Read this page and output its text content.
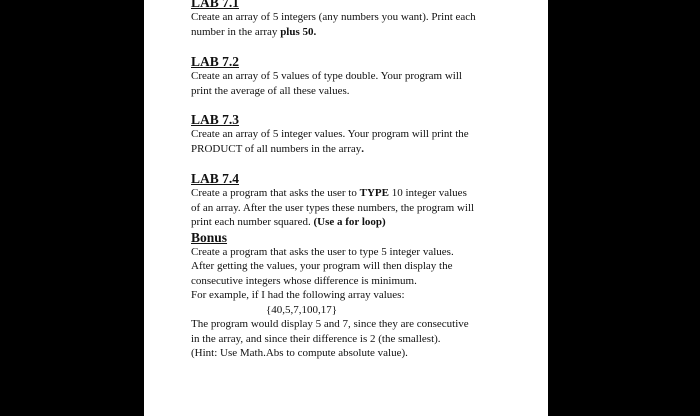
LAB 7.1

Create an array of 5 integers (any numbers you want). Print each
number in the array plus 50.

LAB 7.2

Create an array of 5 values of type double. Your program will
print the average of all these values.

LAB 7.3

Create an array of 5 integer values. Your program will print the
PRODUCT of all numbers in the array.

LAB 7.4

Create a program that asks the user to TYPE 10 integer values
of an array. After the user types these numbers, the program will
print each number squared. (Use a for loop)

Bonus

Create a program that asks the user to type 5 integer values.
After getting the values, your program will then display the
consecutive integers whose difference is minimum.
For example, if I had the following array values:
{40,5,7,100,17}
The program would display 5 and 7, since they are consecutive
in the array, and since their difference is 2 (the smallest).
(Hint: Use Math.Abs to compute absolute value).
